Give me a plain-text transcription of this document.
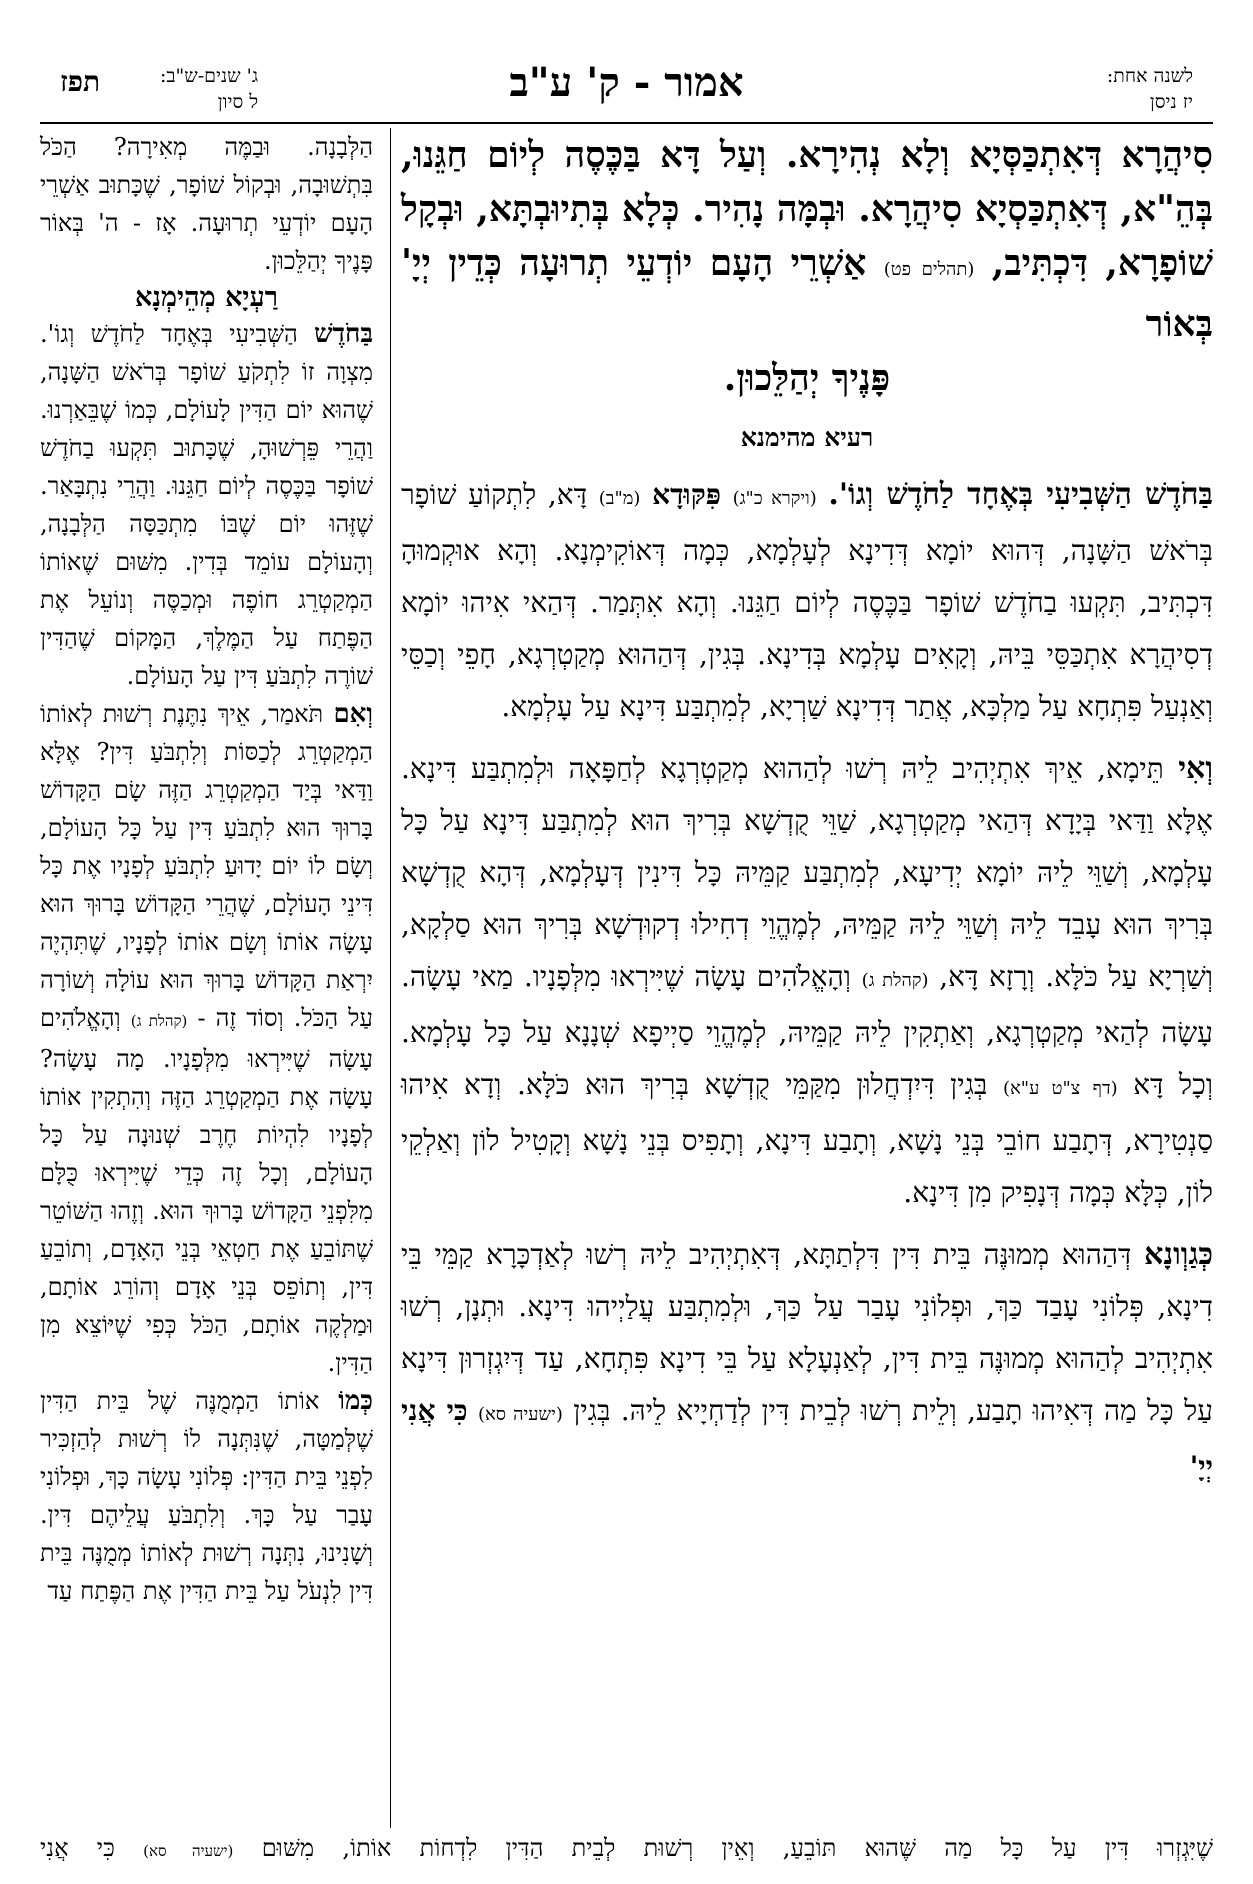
לשנה אחת:
יז ניסן
אמור - ק' ע"ב
ג' שנים-ש"ב:
ל סיון
תפז
סִיהֲרָא דְּאִתְכַּסְּיָא וְלָא נְהִירָא. וְעַל דָּא בַּכֶּסֶה לְיוֹם חַגֵּנוּ, בְּהֵ"א, דְּאִתְכַּסְיָא סִיהֲרָא. וּבְמָּה נָהִיר. כְּלָא בְּתִיוּבְתָּא, וּבְקָל שׁוֹפָרָא, דִּכְתִּיב, (תהלים פט) אַשְׁרֵי הָעָם יוֹדְעֵי תְרוּעָה כְּדֵין יְיָ' בְּאוֹר
פָּנֶיךָ יְהַלֵּכוּן.
רעיא מהימנא
בַּחֹדֶשׁ הַשְּׁבִיעִי בְּאֶחָד לַחֹדֶשׁ וְגוֹ'. (ויקרא כ"ג) פִּקּוּדָא (מ"ב) דָּא, לִתְקוֹעַ שׁוֹפָר בְּרֹאשׁ הַשָּׁנָה, דְּהוּא יוֹמָא דְּדִינָא לְעָלְמָא, כְּמָה דְּאוֹקִימְנָא. וְהָא אוּקְמוּהָ דִּכְתִּיב, תִּקְעוּ בַחֹדֶשׁ שׁוֹפָר בַּכֶּסֶה לְיוֹם חַגֵּנוּ. וְהָא אִתְּמַר. דְּהַאי אִיהוּ יוֹמָא דְסִיהֲרָא אִתְכַּסֵּי בֵּיהּ, וְקָאִים עָלְמָא בְּדִינָא. בְּגִין, דְּהַהוּא מְקַטְרְגָא, חָפֵי וְכַסֵּי וְאַנְעַל פִּתְחָא עַל מַלְכָּא, אֲתַר דְּדִינָא שַׁרְיָא, לְמִתְבַּע דִּינָא עַל עָלְמָא.
וְאִי תֵּימָא, אֵיךְ אִתְיְהִיב לֵיהּ רְשׁוּ לְהַהוּא מְקַטְרְגָא לְחַפָּאָה וּלְמִתְבַּע דִּינָא. אֶלָּא וַדַּאי בְּיָדָא דְּהַאי מְקַטְרְגָא, שַׁוֵּי קֻדְשָׁא בְּרִיךְ הוּא לְמִתְבַּע דִּינָא עַל כָּל עָלְמָא, וְשַׁוֵּי לֵיהּ יוֹמָא יְדִיעָא, לְמִתְבַּע קַמֵּיהּ כָּל דִּינִין דְּעָלְמָא, דְּהָא קֻדְשָׁא בְּרִיךְ הוּא עָבֵד לֵיהּ וְשַׁוֵּי לֵיהּ קַמֵּיהּ, לְמֶהֱוֵי דְחִילוּ דְקוּדְשָׁא בְּרִיךְ הוּא סַלְקָא, וְשַׁרְיָא עַל כֹּלָּא. וְרָזָא דָּא, (קהלת ג) וְהָאֱלֹהִים עָשָׂה שֶׁיִּירְאוּ מִלְּפָנָיו. מַאי עָשָׂה. עָשָׂה לְהַאי מְקַטְרְגָא, וְאַתְקִין לֵיהּ קַמֵּיהּ, לְמֶהֱוֵי סַיְיפָא שְׁנָנָא עַל כָּל עָלְמָא. וְכָל דָּא (דף צ"ט ע"א) בְּגִין דִּיִדְחֲלוּן מִקַּמֵּי קֻדְשָׁא בְּרִיךְ הוּא כֹּלָּא. וְדָא אִיהוּ סַנְטִירָא, דְּתָבַע חוֹבֵי בְּנֵי נָשָׁא, וְתָבַע דִּינָא, וְתָפִיס בְּנֵי נָשָׁא וְקָטִיל לוֹן וְאַלְקֵי לוֹן, כְּלָּא כְּמָה דְּנָפִיק מִן דִּינָא.
כְּגַוְונָא דְּהַהוּא מְמוּנֶּה בֵּית דִּין דִּלְתַתָּא, דְּאִתְיְהִיב לֵיהּ רְשׁוּ לְאַדְכָּרָא קַמֵּי בֵּי דִינָא, פְּלוֹנִי עָבַד כַּךְ, וּפְלוֹנִי עָבַר עַל כַּךְ, וּלְמִתְבַּע עֲלַיְיהוּ דִּינָא. וּתְנָן, רְשׁוּ אִתְיְהִיב לְהַהוּא מְמוּנֶּה בֵּית דִּין, לְאַנְעָלָא עַל בֵּי דִינָא פִּתְחָא, עַד דְּיִגְזְרוּן דִּינָא עַל כָּל מַה דְּאִיהוּ תָבַע, וְלֵית רְשׁוּ לְבֵית דִּין לְדַחְיָיא לֵיהּ. בְּגִין (ישעיה סא) כִּי אֲנִי יְיָ'
הַלְּבָנָה. וּבַמֶּה מְאִירָה? הַכֹּל בִּתְשׁוּבָה, וּבְקוֹל שׁוֹפָר, שֶׁכָּתוּב אַשְׁרֵי הָעָם יוֹדְעֵי תְרוּעָה. אָז - ה' בְּאוֹר פָּנֶיךָ יְהַלֵּכוּן.
רַעְיָא מְהֵימְנָא
בַּחֹדֶשׁ הַשְּׁבִיעִי בְּאֶחָד לַחֹדֶשׁ וְגוֹ'. מִצְוָה זוֹ לִתְקֹעַ שׁוֹפָר בְּרֹאשׁ הַשָּׁנָה, שֶׁהוּא יוֹם הַדִּין לָעוֹלָם, כְּמוֹ שֶׁבֵּאַרְנוּ. וַהֲרֵי פֵּרְשׁוּהָ, שֶׁכָּתוּב תִּקְעוּ בַחֹדֶשׁ שׁוֹפָר בַּכֶּסֶה לְיוֹם חַגֵּנוּ. וַהֲרֵי נִתְבָּאַר. שֶׁזֶּהוּ יוֹם שֶׁבּוֹ מִתְכַּסָּה הַלְּבָנָה, וְהָעוֹלָם עוֹמֵד בְּדִין. מִשּׁוּם שֶׁאוֹתוֹ הַמְקַטְרֵג חוֹפֶה וּמְכַסֶּה וְנוֹעֵל אֶת הַפֶּתַח עַל הַמֶּלֶךְ, הַמָּקוֹם שֶׁהַדִּין שׁוֹרֶה לִתְבֹּעַ דִּין עַל הָעוֹלָם.
וְאִם תֹּאמַר, אֵיךְ נִתֶּנֶת רְשׁוּת לְאוֹתוֹ הַמְקַטְרֵג לְכַסּוֹת וְלִתְבֹּעַ דִּין? אֶלָּא וַדַּאי בְּיַד הַמְקַטְרֵג הַזֶּה שָׂם הַקָּדוֹשׁ בָּרוּךְ הוּא לִתְבֹּעַ דִּין עַל כָּל הָעוֹלָם, וְשָׂם לוֹ יוֹם יָדוּעַ לִתְבֹּעַ לְפָנָיו אֶת כָּל דִּינֵי הָעוֹלָם, שֶׁהֲרֵי הַקָּדוֹשׁ בָּרוּךְ הוּא עָשָׂה אוֹתוֹ וְשָׂם אוֹתוֹ לְפָנָיו, שֶׁתִּהְיֶה יִרְאַת הַקָּדוֹשׁ בָּרוּךְ הוּא עוֹלָה וְשׁוֹרָה עַל הַכֹּל. וְסוֹד זֶה - (קהלת ג) וְהָאֱלֹהִים עָשָׂה שֶׁיִּירְאוּ מִלְּפָנָיו. מָה עָשָׂה? עָשָׂה אֶת הַמְקַטְרֵג הַזֶּה וְהִתְקִין אוֹתוֹ לְפָנָיו לִהְיוֹת חֶרֶב שְׁנוּנָה עַל כָּל הָעוֹלָם, וְכָל זֶה כְּדֵי שֶׁיִּירְאוּ כֻּלָּם מִלִּפְנֵי הַקָּדוֹשׁ בָּרוּךְ הוּא. וְזֶהוּ הַשּׁוֹטֵר שֶׁתּוֹבֵעַ אֶת חַטְאֵי בְּנֵי הָאָדָם, וְתוֹבֵעַ דִּין, וְתוֹפֵס בְּנֵי אָדָם וְהוֹרֵג אוֹתָם, וּמַלְקֶה אוֹתָם, הַכֹּל כְּפִי שֶׁיּוֹצֵא מִן הַדִּין.
כְּמוֹ אוֹתוֹ הַמְמֻנֶּה שֶׁל בֵּית הַדִּין שֶׁלְּמַטָּה, שֶׁנִּתְּנָה לוֹ רְשׁוּת לְהַזְכִּיר לִפְנֵי בֵּית הַדִּין: פְּלוֹנִי עָשָׂה כָּךְ, וּפְלוֹנִי עָבַר עַל כָּךְ. וְלִתְבֹּעַ עֲלֵיהֶם דִּין. וְשָׁנִינוּ, נִתְּנָה רְשׁוּת לְאוֹתוֹ מְמֻנֶּה בֵּית דִּין לִנְעֹל עַל בֵּית הַדִּין אֶת הַפֶּתַח עַד
שֶׁיִּגְזְרוּ דִּין עַל כָּל מַה שֶּׁהוּא תּוֹבֵעַ, וְאֵין רְשׁוּת לְבֵית הַדִּין לִדְחוֹת אוֹתוֹ, מִשּׁוּם (ישעיה סא) כִּי אֲנִי
